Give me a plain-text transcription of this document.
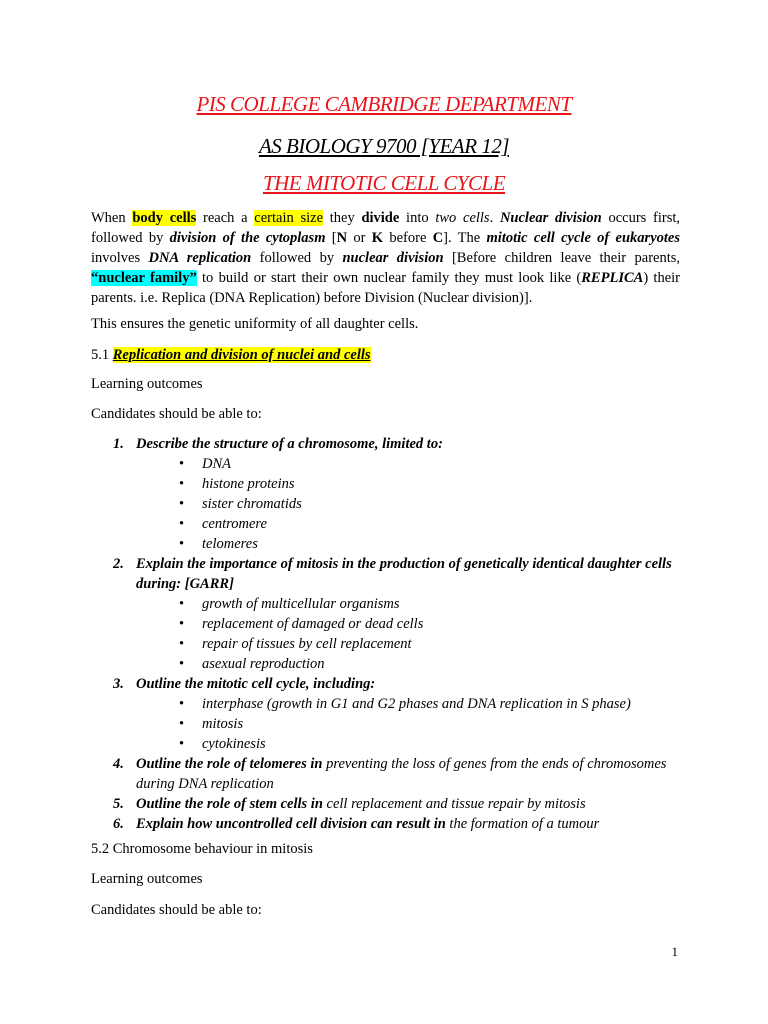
PIS COLLEGE CAMBRIDGE DEPARTMENT
AS BIOLOGY 9700 [YEAR 12]
THE MITOTIC CELL CYCLE

When body cells reach a certain size they divide into two cells. Nuclear division occurs first, followed by division of the cytoplasm [N or K before C]. The mitotic cell cycle of eukaryotes involves DNA replication followed by nuclear division [Before children leave their parents, “nuclear family” to build or start their own nuclear family they must look like (REPLICA) their parents. i.e. Replica (DNA Replication) before Division (Nuclear division)].

This ensures the genetic uniformity of all daughter cells.

5.1 Replication and division of nuclei and cells

Learning outcomes

Candidates should be able to:

1. Describe the structure of a chromosome, limited to:
• DNA
• histone proteins
• sister chromatids
• centromere
• telomeres
2. Explain the importance of mitosis in the production of genetically identical daughter cells during: [GARR]
• growth of multicellular organisms
• replacement of damaged or dead cells
• repair of tissues by cell replacement
• asexual reproduction
3. Outline the mitotic cell cycle, including:
• interphase (growth in G1 and G2 phases and DNA replication in S phase)
• mitosis
• cytokinesis
4. Outline the role of telomeres in preventing the loss of genes from the ends of chromosomes during DNA replication
5. Outline the role of stem cells in cell replacement and tissue repair by mitosis
6. Explain how uncontrolled cell division can result in the formation of a tumour

5.2 Chromosome behaviour in mitosis

Learning outcomes

Candidates should be able to:

1
